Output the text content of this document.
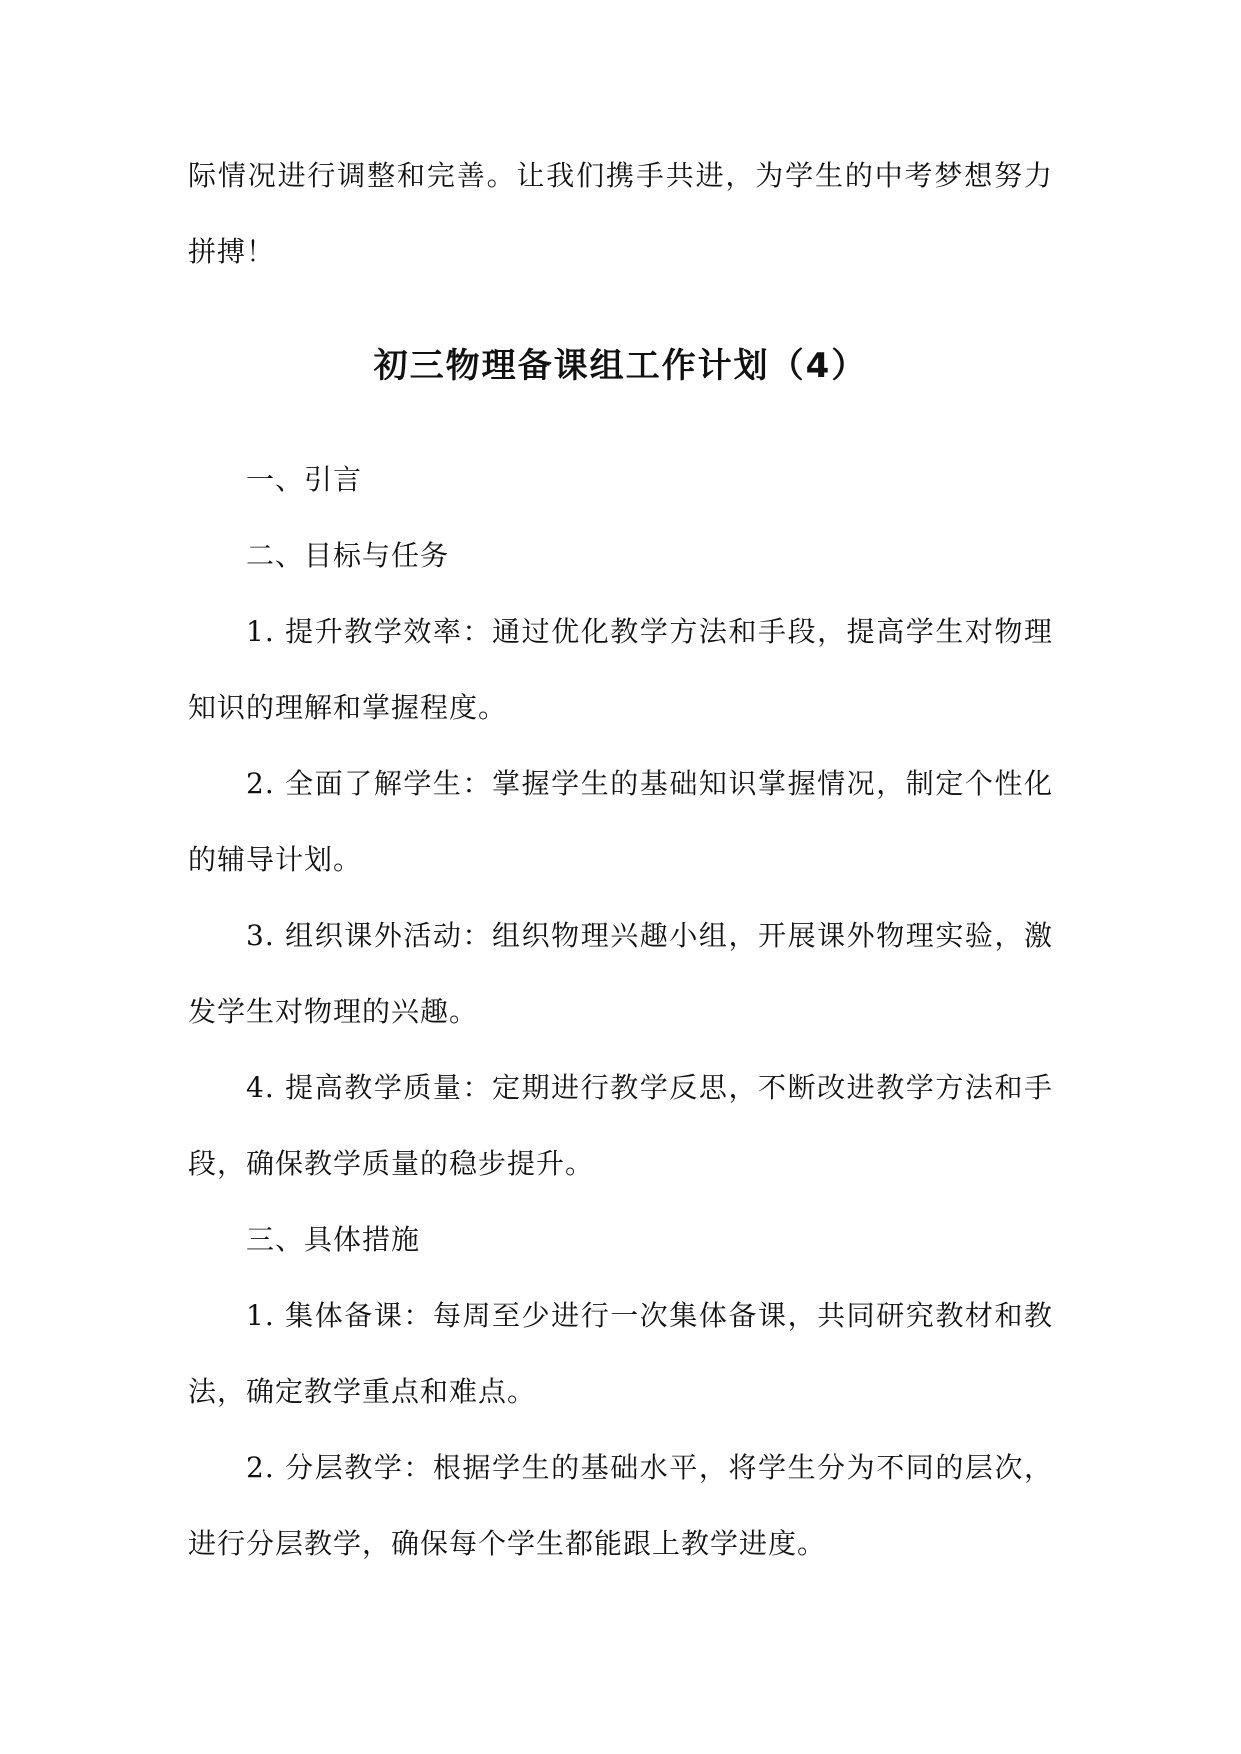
际情况进行调整和完善。让我们携手共进，为学生的中考梦想努力拼搏！

初三物理备课组工作计划（4）

一、引言

二、目标与任务

1. 提升教学效率：通过优化教学方法和手段，提高学生对物理知识的理解和掌握程度。

2. 全面了解学生：掌握学生的基础知识掌握情况，制定个性化的辅导计划。

3. 组织课外活动：组织物理兴趣小组，开展课外物理实验，激发学生对物理的兴趣。

4. 提高教学质量：定期进行教学反思，不断改进教学方法和手段，确保教学质量的稳步提升。

三、具体措施

1. 集体备课：每周至少进行一次集体备课，共同研究教材和教法，确定教学重点和难点。

2. 分层教学：根据学生的基础水平，将学生分为不同的层次，进行分层教学，确保每个学生都能跟上教学进度。
